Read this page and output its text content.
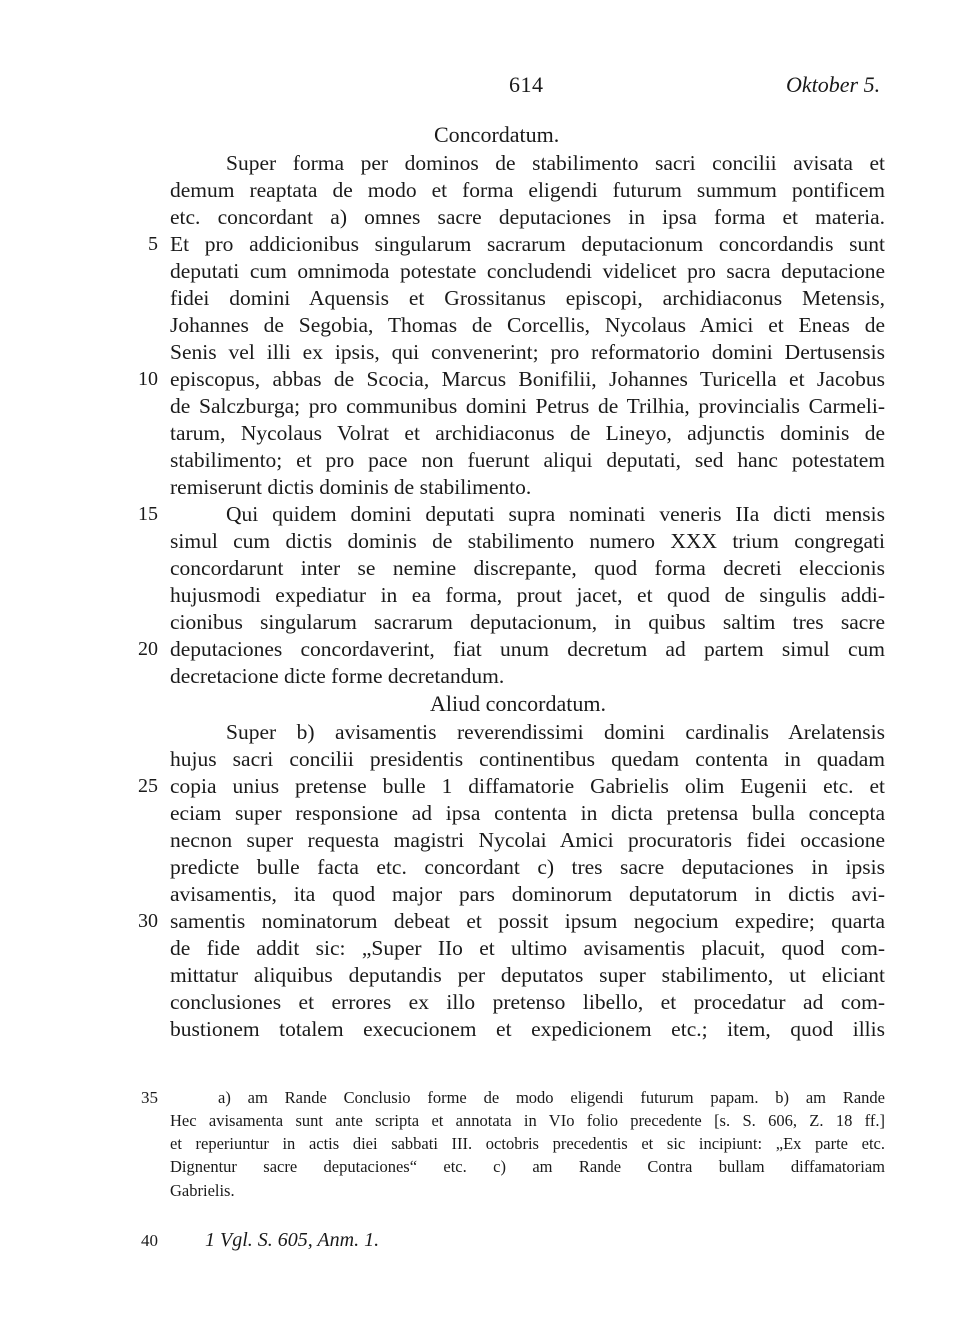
614	Oktober 5.
Concordatum.
Super forma per dominos de stabilimento sacri concilii avisata et
demum reaptata de modo et forma eligendi futurum summum pontificem
etc. concordant a) omnes sacre deputaciones in ipsa forma et materia.
Et pro addicionibus singularum sacrarum deputacionum concordandis sunt
deputati cum omnimoda potestate concludendi videlicet pro sacra deputacione
fidei domini Aquensis et Grossitanus episcopi, archidiaconus Metensis,
Johannes de Segobia, Thomas de Corcellis, Nycolaus Amici et Eneas de
Senis vel illi ex ipsis, qui convenerint; pro reformatorio domini Dertusensis
episcopus, abbas de Scocia, Marcus Bonifilii, Johannes Turicella et Jacobus
de Salczburga; pro communibus domini Petrus de Trilhia, provincialis Carmeli-
tarum, Nycolaus Volrat et archidiaconus de Lineyo, adjunctis dominis de
stabilimento; et pro pace non fuerunt aliqui deputati, sed hanc potestatem
remiserunt dictis dominis de stabilimento.
Qui quidem domini deputati supra nominati veneris IIa dicti mensis
simul cum dictis dominis de stabilimento numero XXX trium congregati
concordarunt inter se nemine discrepante, quod forma decreti eleccionis
hujusmodi expediatur in ea forma, prout jacet, et quod de singulis addi-
cionibus singularum sacrarum deputacionum, in quibus saltim tres sacre
deputaciones concordaverint, fiat unum decretum ad partem simul cum
decretacione dicte forme decretandum.
Aliud concordatum.
Super b) avisamentis reverendissimi domini cardinalis Arelatensis
hujus sacri concilii presidentis continentibus quedam contenta in quadam
copia unius pretense bulle 1 diffamatorie Gabrielis olim Eugenii etc. et
eciam super responsione ad ipsa contenta in dicta pretensa bulla concepta
necnon super requesta magistri Nycolai Amici procuratoris fidei occasione
predicte bulle facta etc. concordant c) tres sacre deputaciones in ipsis
avisamentis, ita quod major pars dominorum deputatorum in dictis avi-
samentis nominatorum debeat et possit ipsum negocium expedire; quarta
de fide addit sic: „Super IIo et ultimo avisamentis placuit, quod com-
mittatur aliquibus deputandis per deputatos super stabilimento, ut eliciant
conclusiones et errores ex illo pretenso libello, et procedatur ad com-
bustionem totalem execucionem et expedicionem etc.; item, quod illis
5
10
15
20
25
30
35	a) am Rande Conclusio forme de modo eligendi futurum papam. b) am Rande
Hec avisamenta sunt ante scripta et annotata in VIo folio precedente [s. S. 606, Z. 18 ff.]
et reperiuntur in actis diei sabbati III. octobris precedentis et sic incipiunt: „Ex parte etc.
Dignentur sacre deputaciones“ etc. c) am Rande Contra bullam diffamatoriam
Gabrielis.
40 1 Vgl. S. 605, Anm. 1.
